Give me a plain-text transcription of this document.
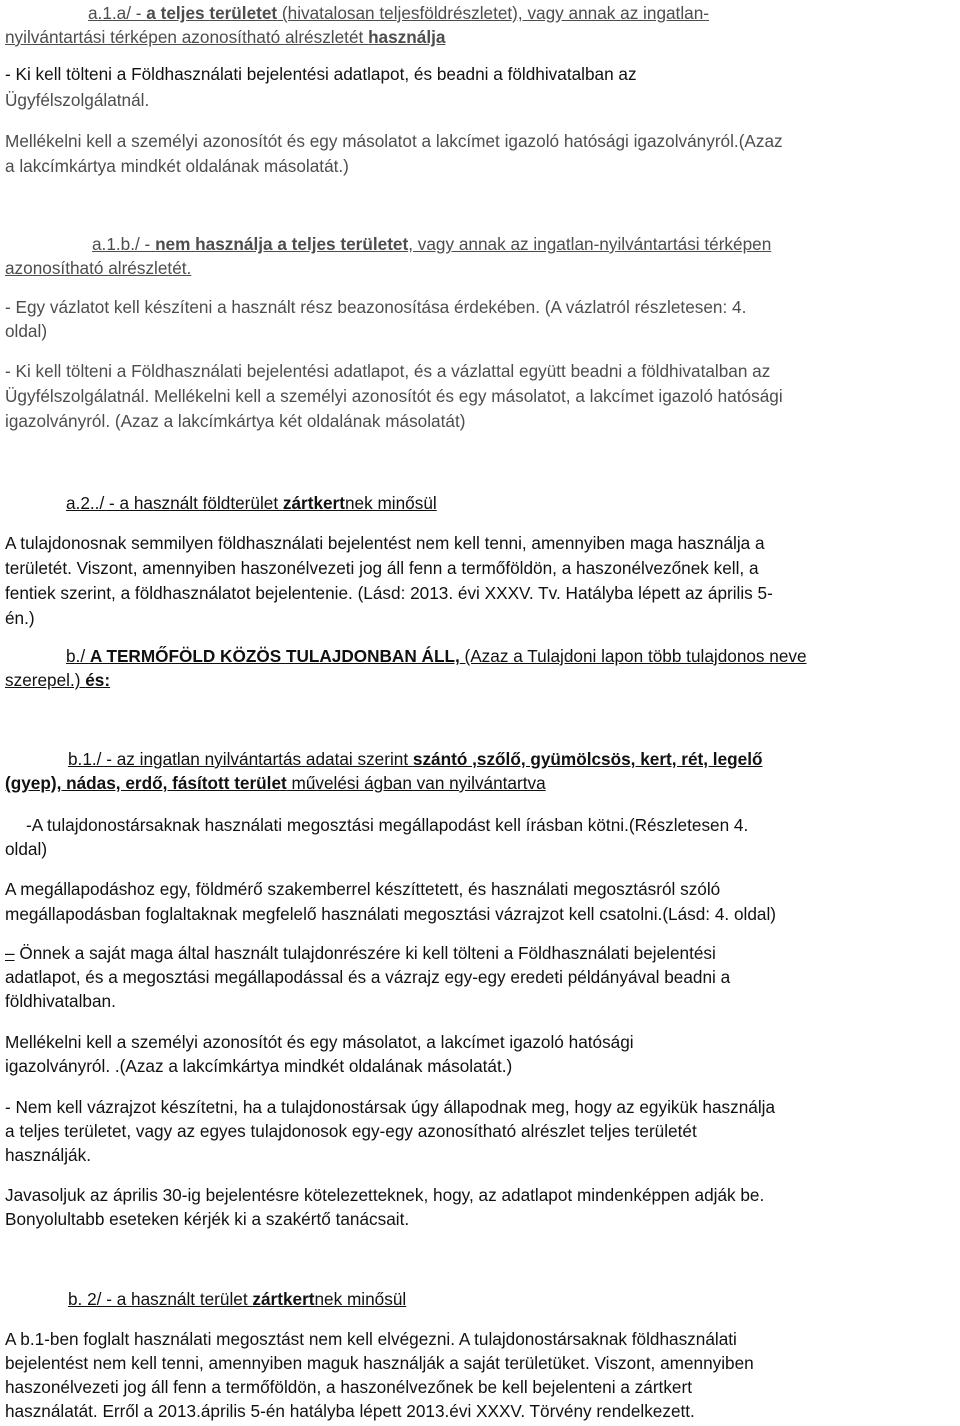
a.1.a/ - a teljes területet (hivatalosan teljesföldrészletet), vagy annak az ingatlan-

nyilvántartási térképen azonosítható alrészletét használja

- Ki kell tölteni a Földhasználati bejelentési adatlapot, és beadni a földhivatalban az

Ügyfélszolgálatnál.

Mellékelni kell a személyi azonosítót és egy másolatot a lakcímet igazoló hatósági igazolványról.(Azaz

a lakcímkártya mindkét oldalának másolatát.)

a.1.b./ - nem használja a teljes területet, vagy annak az ingatlan-nyilvántartási térképen

azonosítható alrészletét.

- Egy vázlatot kell készíteni a használt rész beazonosítása érdekében. (A vázlatról részletesen: 4.

oldal)

- Ki kell tölteni a Földhasználati bejelentési adatlapot, és a vázlattal együtt beadni a földhivatalban az

Ügyfélszolgálatnál. Mellékelni kell a személyi azonosítót és egy másolatot, a lakcímet igazoló hatósági

igazolványról. (Azaz a lakcímkártya két oldalának másolatát)

a.2../ - a használt földterület zártkertnek minősül

A tulajdonosnak semmilyen földhasználati bejelentést nem kell tenni, amennyiben maga használja a

területét. Viszont, amennyiben haszonélvezeti jog áll fenn a termőföldön, a haszonélvezőnek kell, a

fentiek szerint, a földhasználatot bejelentenie. (Lásd: 2013. évi XXXV. Tv. Hatályba lépett az április 5-

én.)

b./ A TERMŐFÖLD KÖZÖS TULAJDONBAN ÁLL, (Azaz a Tulajdoni lapon több tulajdonos neve

szerepel.) és:

b.1./ - az ingatlan nyilvántartás adatai szerint szántó ,szőlő, gyümölcsös, kert, rét, legelő

(gyep), nádas, erdő, fásított terület művelési ágban van nyilvántartva

-A tulajdonostársaknak használati megosztási megállapodást kell írásban kötni.(Részletesen 4.

oldal)

A megállapodáshoz egy, földmérő szakemberrel készíttetett, és használati megosztásról szóló

megállapodásban foglaltaknak megfelelő használati megosztási vázrajzot kell csatolni.(Lásd: 4. oldal)

– Önnek a saját maga által használt tulajdonrészére ki kell tölteni a Földhasználati bejelentési

adatlapot, és a megosztási megállapodással és a vázrajz egy-egy eredeti példányával beadni a

földhivatalban.

Mellékelni kell a személyi azonosítót és egy másolatot, a lakcímet igazoló hatósági

igazolványról. .(Azaz a lakcímkártya mindkét oldalának másolatát.)

- Nem kell vázrajzot készítetni, ha a tulajdonostársak úgy állapodnak meg, hogy az egyikük használja

a teljes területet, vagy az egyes tulajdonosok egy-egy azonosítható alrészlet teljes területét

használják.

Javasoljuk az április 30-ig bejelentésre kötelezetteknek, hogy, az adatlapot mindenképpen adják be.

Bonyolultabb eseteken kérjék ki a szakértő tanácsait.

b. 2/ - a használt terület zártkertnek minősül

A b.1-ben foglalt használati megosztást nem kell elvégezni. A tulajdonostársaknak földhasználati

bejelentést nem kell tenni, amennyiben maguk használják a saját területüket. Viszont, amennyiben

haszonélvezeti jog áll fenn a termőföldön, a haszonélvezőnek be kell bejelenteni a zártkert

használatát. Erről a 2013.április 5-én hatályba lépett 2013.évi XXXV. Törvény rendelkezett.
